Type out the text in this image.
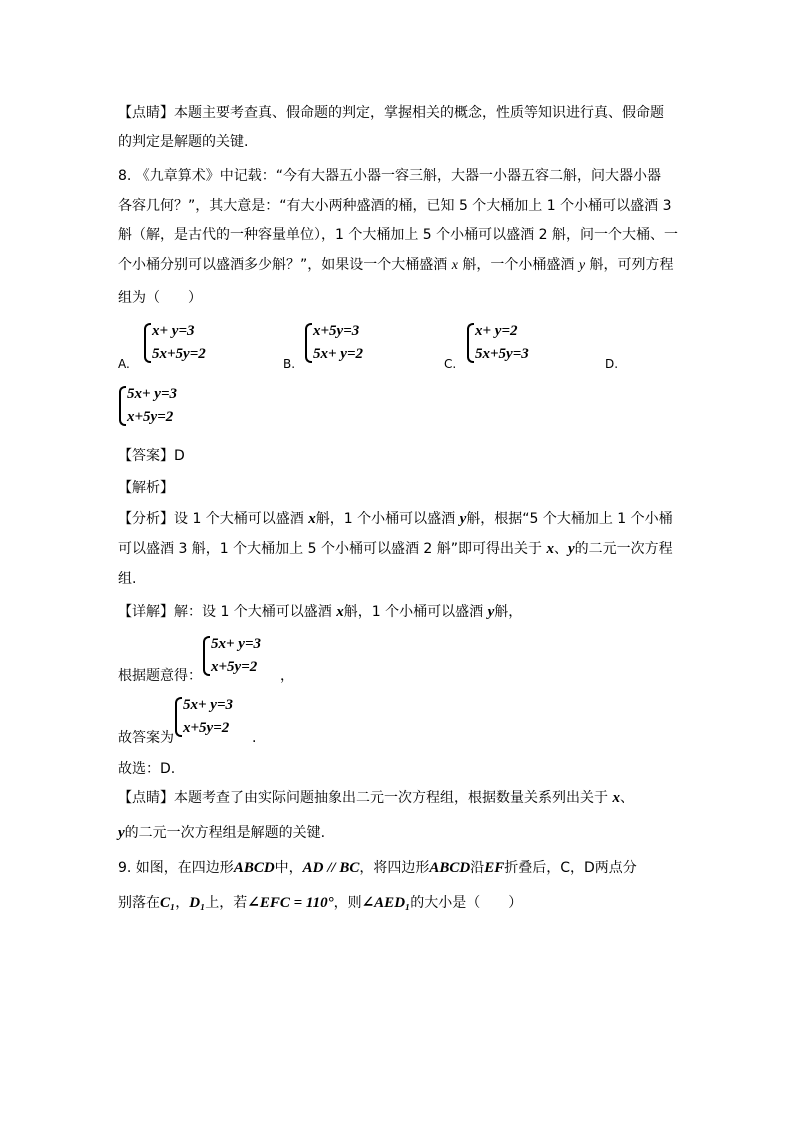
【点睛】本题主要考查真、假命题的判定，掌握相关的概念，性质等知识进行真、假命题
的判定是解题的关键.
8. 《九章算术》中记载：“今有大器五小器一容三斛，大器一小器五容二斛，问大器小器
各容几何？”，其大意是：“有大小两种盛酒的桶，已知 5 个大桶加上 1 个小桶可以盛酒 3
斛（解，是古代的一种容量单位），1 个大桶加上 5 个小桶可以盛酒 2 斛，问一个大桶、一
个小桶分别可以盛酒多少斛？”，如果设一个大桶盛酒 x 斛，一个小桶盛酒 y 斛，可列方程
组为（　　）
A.
x+ y=3
5x+5y=2
B.
x+5y=3
5x+ y=2
C.
x+ y=2
5x+5y=3
D.
5x+ y=3
x+5y=2
【答案】D
【解析】
【分析】设 1 个大桶可以盛酒 x斛，1 个小桶可以盛酒 y斛，根据“5 个大桶加上 1 个小桶
可以盛酒 3 斛，1 个大桶加上 5 个小桶可以盛酒 2 斛”即可得出关于 x、y的二元一次方程
组.
【详解】解：设 1 个大桶可以盛酒 x斛，1 个小桶可以盛酒 y斛，
根据题意得：
5x+ y=3
x+5y=2
，
故答案为
5x+ y=3
x+5y=2
.
故选：D.
【点睛】本题考查了由实际问题抽象出二元一次方程组，根据数量关系列出关于 x、
y的二元一次方程组是解题的关键.
9. 如图，在四边形ABCD中，AD // BC，将四边形ABCD沿EF折叠后，C，D两点分
别落在C₁，D₁上，若∠EFC = 110°，则∠AED₁的大小是（　　）
